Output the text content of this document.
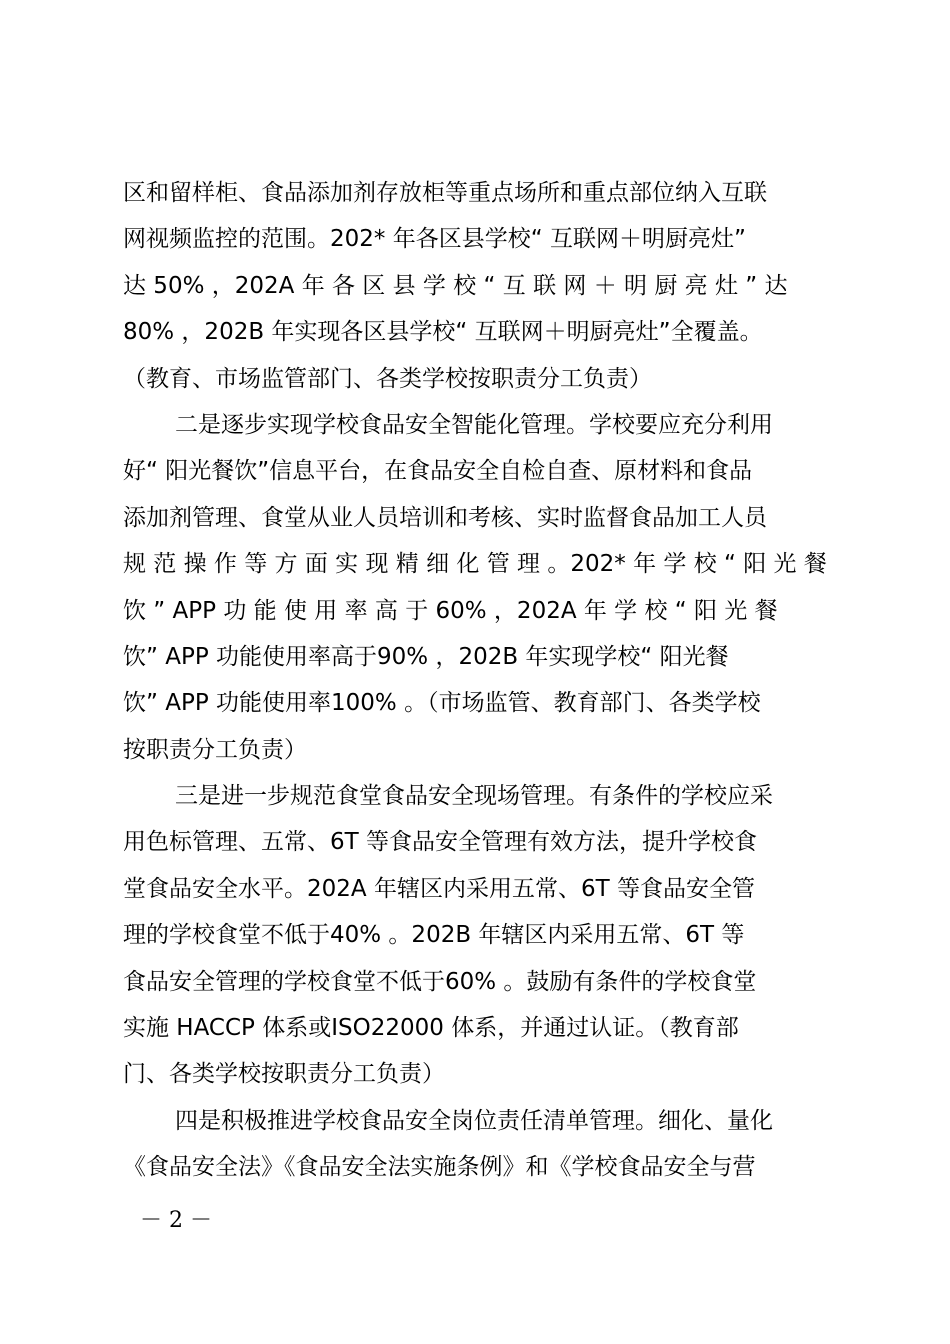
区和留样柜、食品添加剂存放柜等重点场所和重点部位纳入互联
网视频监控的范围。202* 年各区县学校“ 互联网＋明厨亮灶”
达 50% ，202A 年 各 区 县 学 校 “ 互 联 网 ＋ 明 厨 亮 灶 ” 达
80% ，202B 年实现各区县学校“ 互联网＋明厨亮灶”全覆盖。
（教育、市场监管部门、各类学校按职责分工负责）
二是逐步实现学校食品安全智能化管理。学校要应充分利用
好“ 阳光餐饮”信息平台，在食品安全自检自查、原材料和食品
添加剂管理、食堂从业人员培训和考核、实时监督食品加工人员
规 范 操 作 等 方 面 实 现 精 细 化 管 理 。202* 年 学 校 “ 阳 光 餐
饮 ” APP 功 能 使 用 率 高 于 60% ，202A 年 学 校 “ 阳 光 餐
饮” APP 功能使用率高于90% ，202B 年实现学校“ 阳光餐
饮” APP 功能使用率100% 。（市场监管、教育部门、各类学校
按职责分工负责）
三是进一步规范食堂食品安全现场管理。有条件的学校应采
用色标管理、五常、6T 等食品安全管理有效方法，提升学校食
堂食品安全水平。202A 年辖区内采用五常、6T 等食品安全管
理的学校食堂不低于40% 。202B 年辖区内采用五常、6T 等
食品安全管理的学校食堂不低于60% 。鼓励有条件的学校食堂
实施 HACCP 体系或ISO22000 体系，并通过认证。（教育部
门、各类学校按职责分工负责）
四是积极推进学校食品安全岗位责任清单管理。细化、量化
《食品安全法》《食品安全法实施条例》和《学校食品安全与营
－ 2 －
